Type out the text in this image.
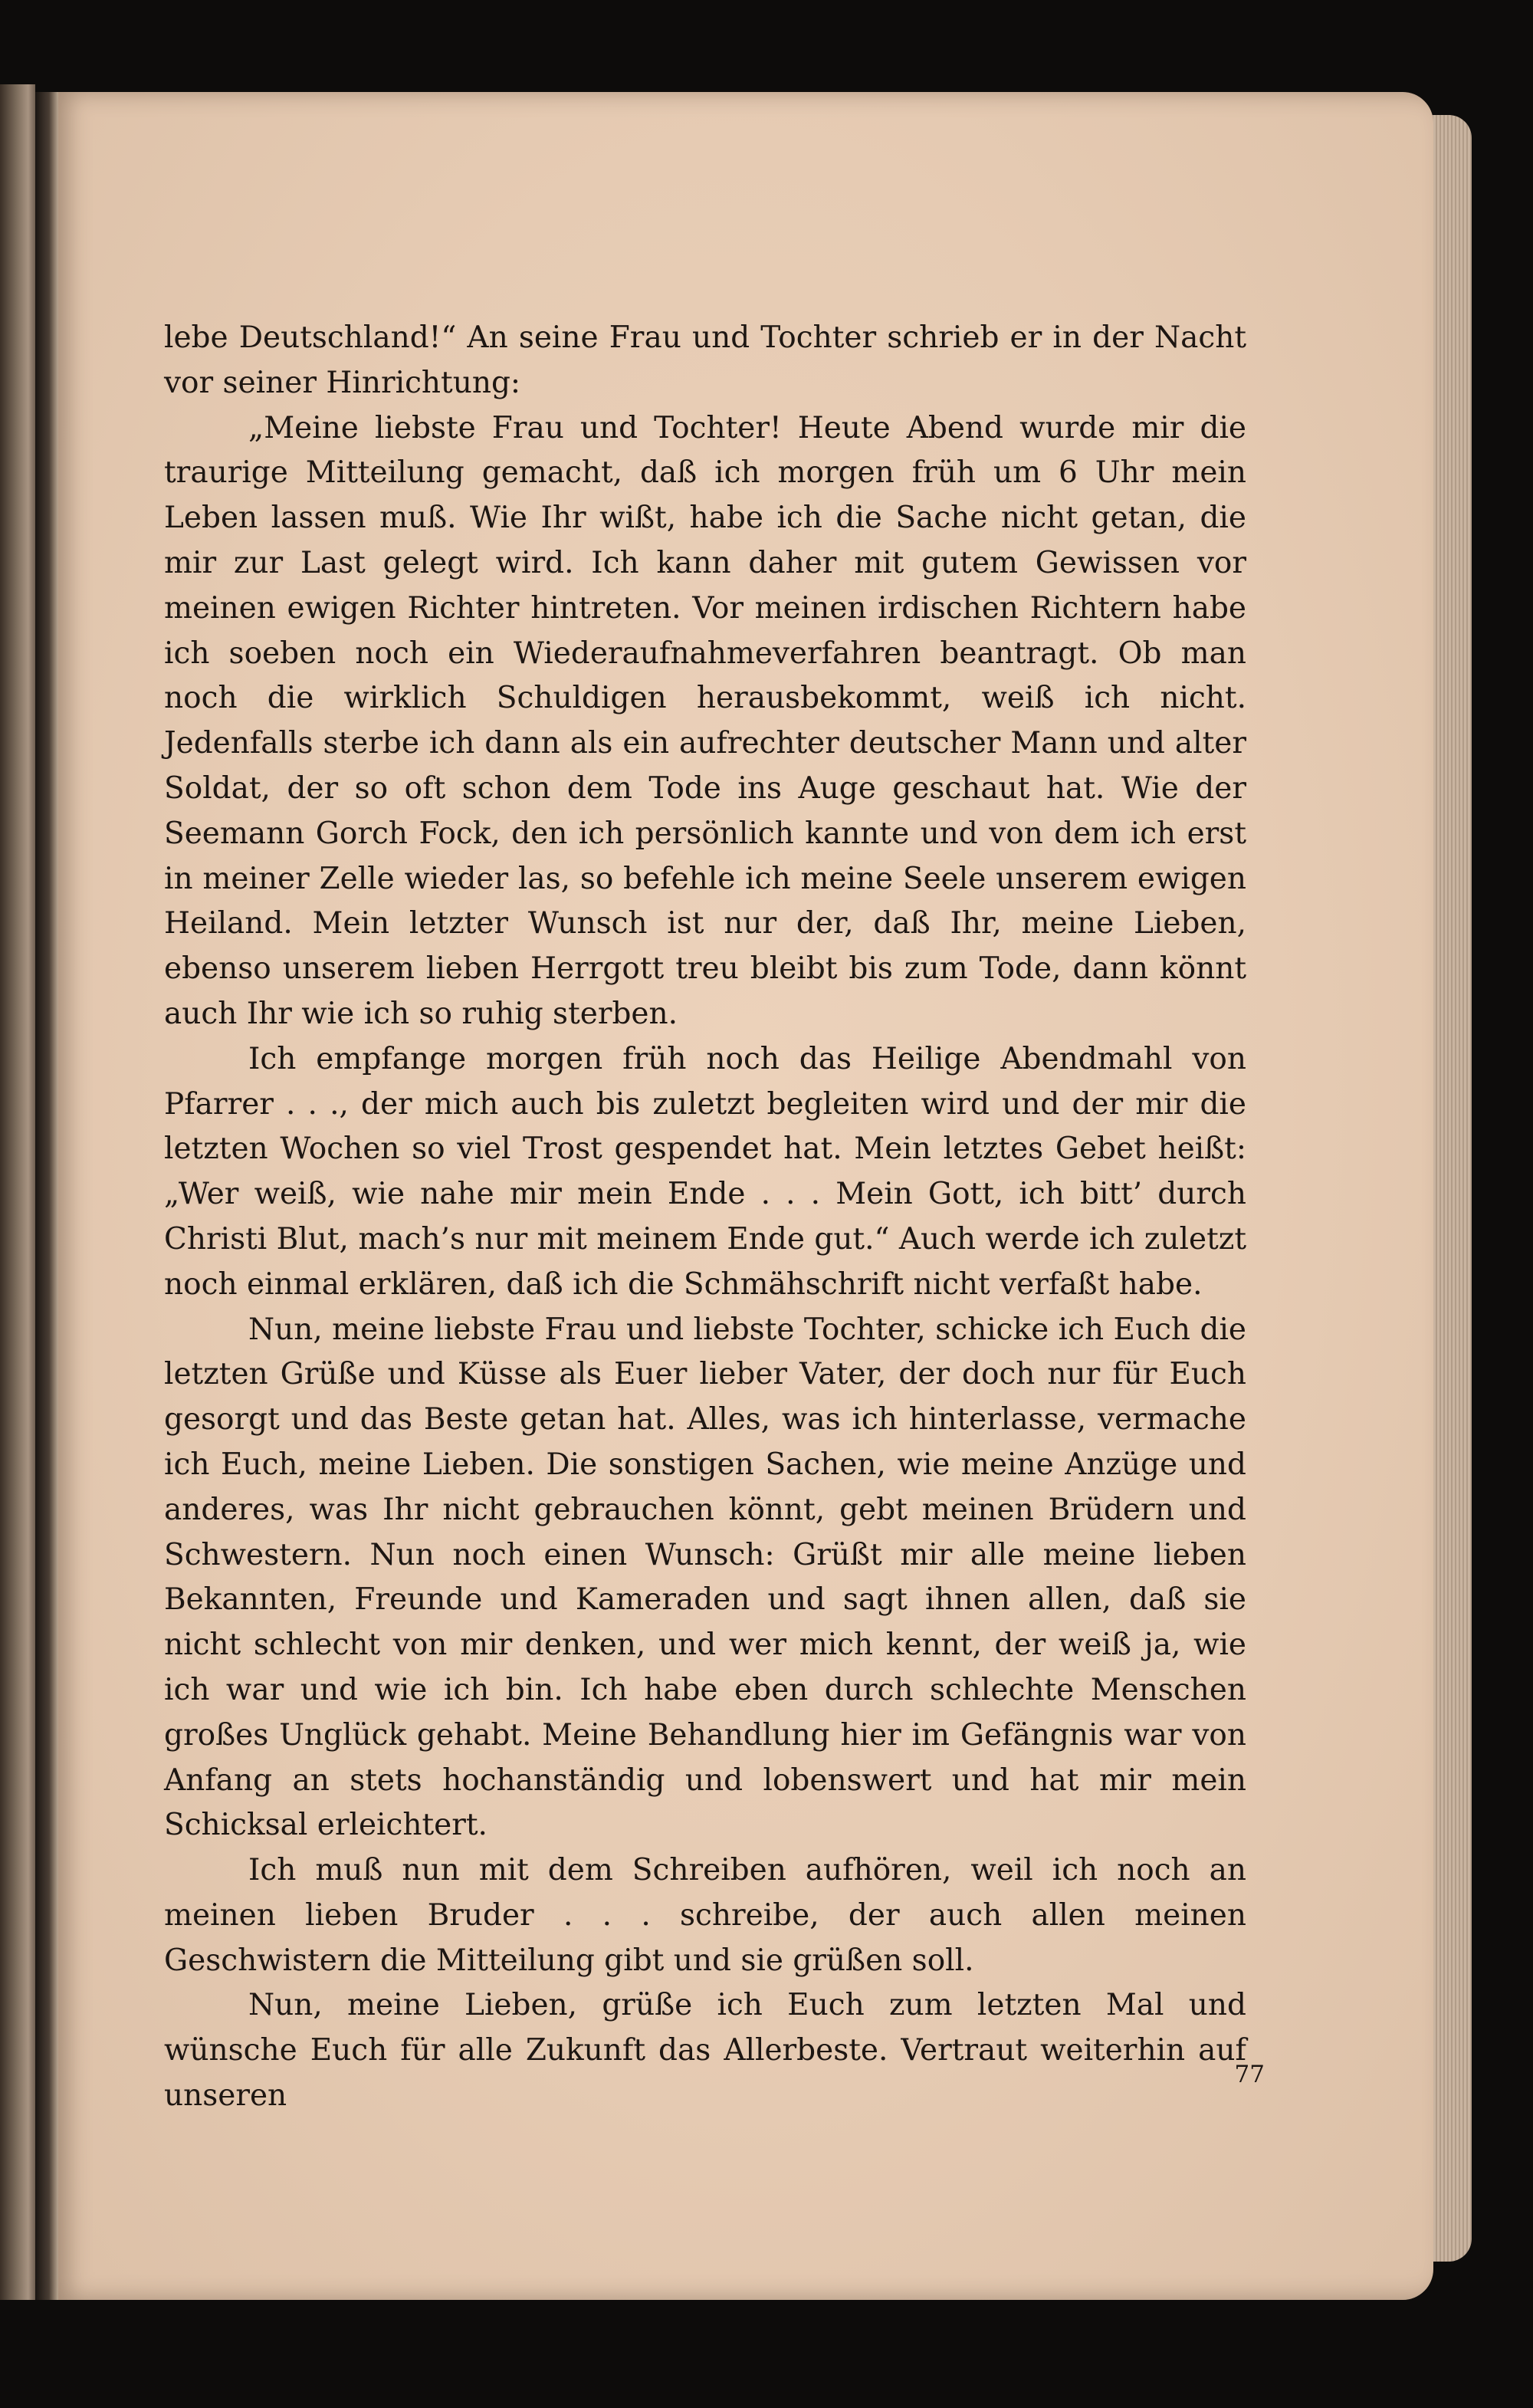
lebe Deutschland!“ An seine Frau und Tochter schrieb er in der Nacht vor seiner Hinrichtung:

„Meine liebste Frau und Tochter! Heute Abend wurde mir die traurige Mitteilung gemacht, daß ich morgen früh um 6 Uhr mein Leben lassen muß. Wie Ihr wißt, habe ich die Sache nicht getan, die mir zur Last gelegt wird. Ich kann daher mit gutem Gewissen vor meinen ewigen Richter hintreten. Vor meinen irdischen Richtern habe ich soeben noch ein Wiederaufnahmeverfahren beantragt. Ob man noch die wirklich Schuldigen herausbekommt, weiß ich nicht. Jedenfalls sterbe ich dann als ein aufrechter deutscher Mann und alter Soldat, der so oft schon dem Tode ins Auge geschaut hat. Wie der Seemann Gorch Fock, den ich persönlich kannte und von dem ich erst in meiner Zelle wieder las, so befehle ich meine Seele unserem ewigen Heiland. Mein letzter Wunsch ist nur der, daß Ihr, meine Lieben, ebenso unserem lieben Herrgott treu bleibt bis zum Tode, dann könnt auch Ihr wie ich so ruhig sterben.

Ich empfange morgen früh noch das Heilige Abendmahl von Pfarrer . . ., der mich auch bis zuletzt begleiten wird und der mir die letzten Wochen so viel Trost gespendet hat. Mein letztes Gebet heißt: „Wer weiß, wie nahe mir mein Ende . . . Mein Gott, ich bitt’ durch Christi Blut, mach’s nur mit meinem Ende gut.“ Auch werde ich zuletzt noch einmal erklären, daß ich die Schmähschrift nicht verfaßt habe.

Nun, meine liebste Frau und liebste Tochter, schicke ich Euch die letzten Grüße und Küsse als Euer lieber Vater, der doch nur für Euch gesorgt und das Beste getan hat. Alles, was ich hinterlasse, vermache ich Euch, meine Lieben. Die sonstigen Sachen, wie meine Anzüge und anderes, was Ihr nicht gebrauchen könnt, gebt meinen Brüdern und Schwestern. Nun noch einen Wunsch: Grüßt mir alle meine lieben Bekannten, Freunde und Kameraden und sagt ihnen allen, daß sie nicht schlecht von mir denken, und wer mich kennt, der weiß ja, wie ich war und wie ich bin. Ich habe eben durch schlechte Menschen großes Unglück gehabt. Meine Behandlung hier im Gefängnis war von Anfang an stets hochanständig und lobenswert und hat mir mein Schicksal erleichtert.

Ich muß nun mit dem Schreiben aufhören, weil ich noch an meinen lieben Bruder . . . schreibe, der auch allen meinen Geschwistern die Mitteilung gibt und sie grüßen soll.

Nun, meine Lieben, grüße ich Euch zum letzten Mal und wünsche Euch für alle Zukunft das Allerbeste. Vertraut weiterhin auf unseren

77
